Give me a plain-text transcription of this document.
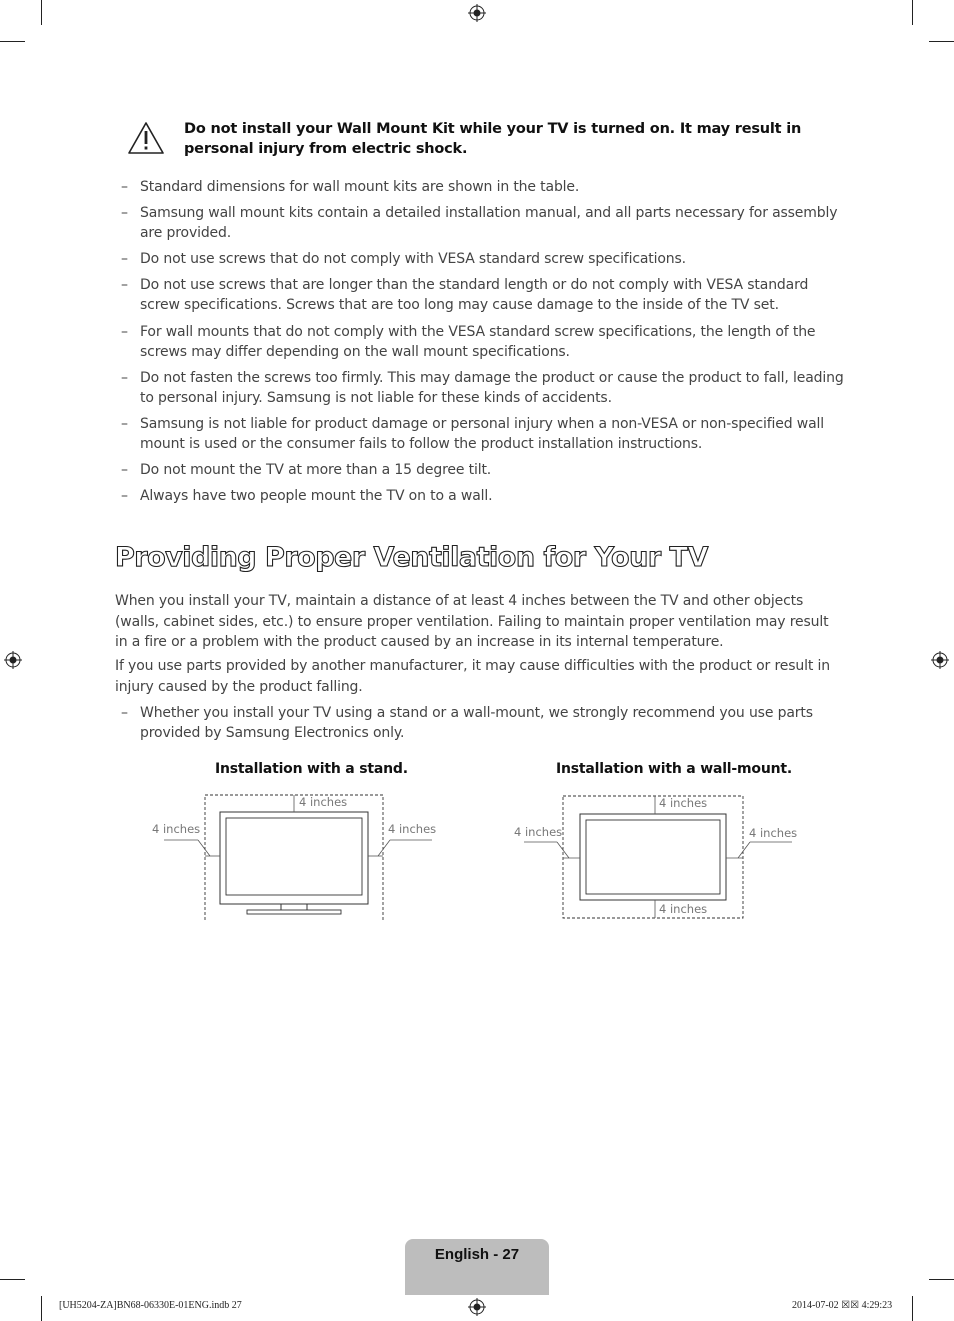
Do not install your Wall Mount Kit while your TV is turned on. It may result in personal injury from electric shock.
– Standard dimensions for wall mount kits are shown in the table.
– Samsung wall mount kits contain a detailed installation manual, and all parts necessary for assembly are provided.
– Do not use screws that do not comply with VESA standard screw specifications.
– Do not use screws that are longer than the standard length or do not comply with VESA standard screw specifications. Screws that are too long may cause damage to the inside of the TV set.
– For wall mounts that do not comply with the VESA standard screw specifications, the length of the screws may differ depending on the wall mount specifications.
– Do not fasten the screws too firmly. This may damage the product or cause the product to fall, leading to personal injury. Samsung is not liable for these kinds of accidents.
– Samsung is not liable for product damage or personal injury when a non-VESA or non-specified wall mount is used or the consumer fails to follow the product installation instructions.
– Do not mount the TV at more than a 15 degree tilt.
– Always have two people mount the TV on to a wall.
Providing Proper Ventilation for Your TV
When you install your TV, maintain a distance of at least 4 inches between the TV and other objects (walls, cabinet sides, etc.) to ensure proper ventilation. Failing to maintain proper ventilation may result in a fire or a problem with the product caused by an increase in its internal temperature.
If you use parts provided by another manufacturer, it may cause difficulties with the product or result in injury caused by the product falling.
– Whether you install your TV using a stand or a wall-mount, we strongly recommend you use parts provided by Samsung Electronics only.
Installation with a stand.
4 inches
4 inches	4 inches
Installation with a wall-mount.
4 inches
4 inches	4 inches
4 inches
English - 27
[UH5204-ZA]BN68-06330E-01ENG.indb 27	2014-07-02 ☒☒ 4:29:23
